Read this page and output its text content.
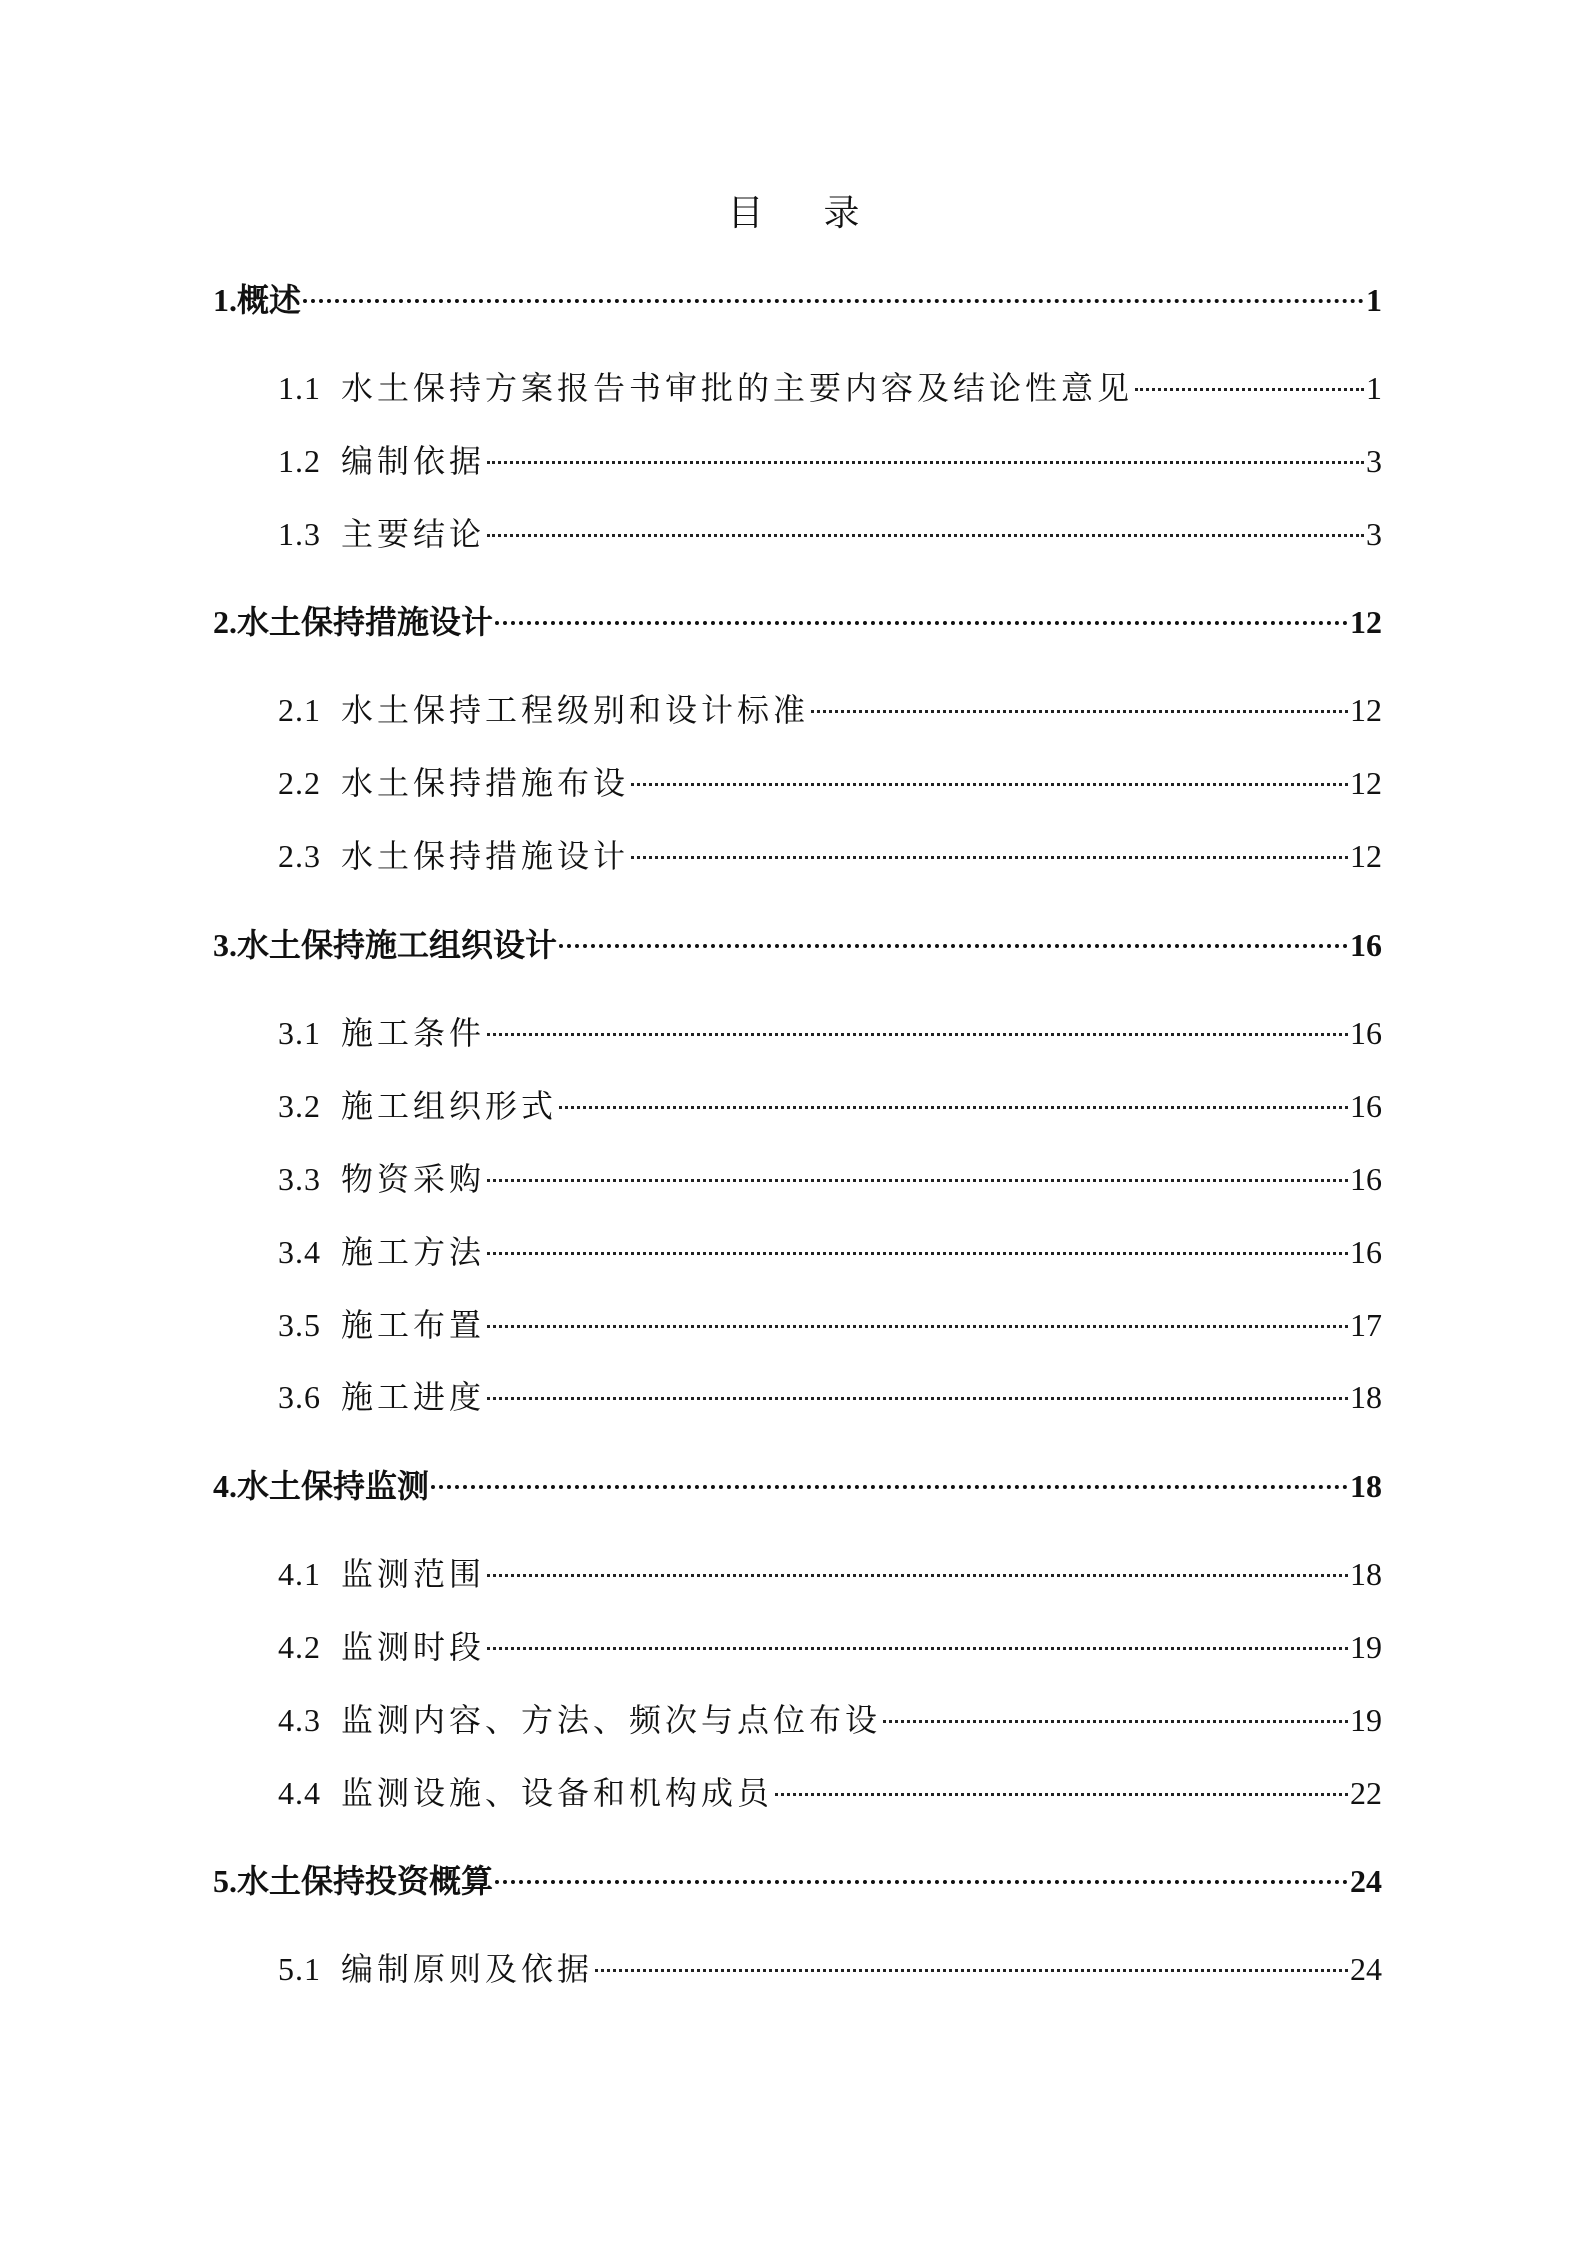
目录
1. 概述	1
1.1 水土保持方案报告书审批的主要内容及结论性意见	1
1.2 编制依据	3
1.3 主要结论	3
2. 水土保持措施设计	12
2.1 水土保持工程级别和设计标准	12
2.2 水土保持措施布设	12
2.3 水土保持措施设计	12
3. 水土保持施工组织设计	16
3.1 施工条件	16
3.2 施工组织形式	16
3.3 物资采购	16
3.4 施工方法	16
3.5 施工布置	17
3.6 施工进度	18
4. 水土保持监测	18
4.1 监测范围	18
4.2 监测时段	19
4.3 监测内容、方法、频次与点位布设	19
4.4 监测设施、设备和机构成员	22
5. 水土保持投资概算	24
5.1 编制原则及依据	24
